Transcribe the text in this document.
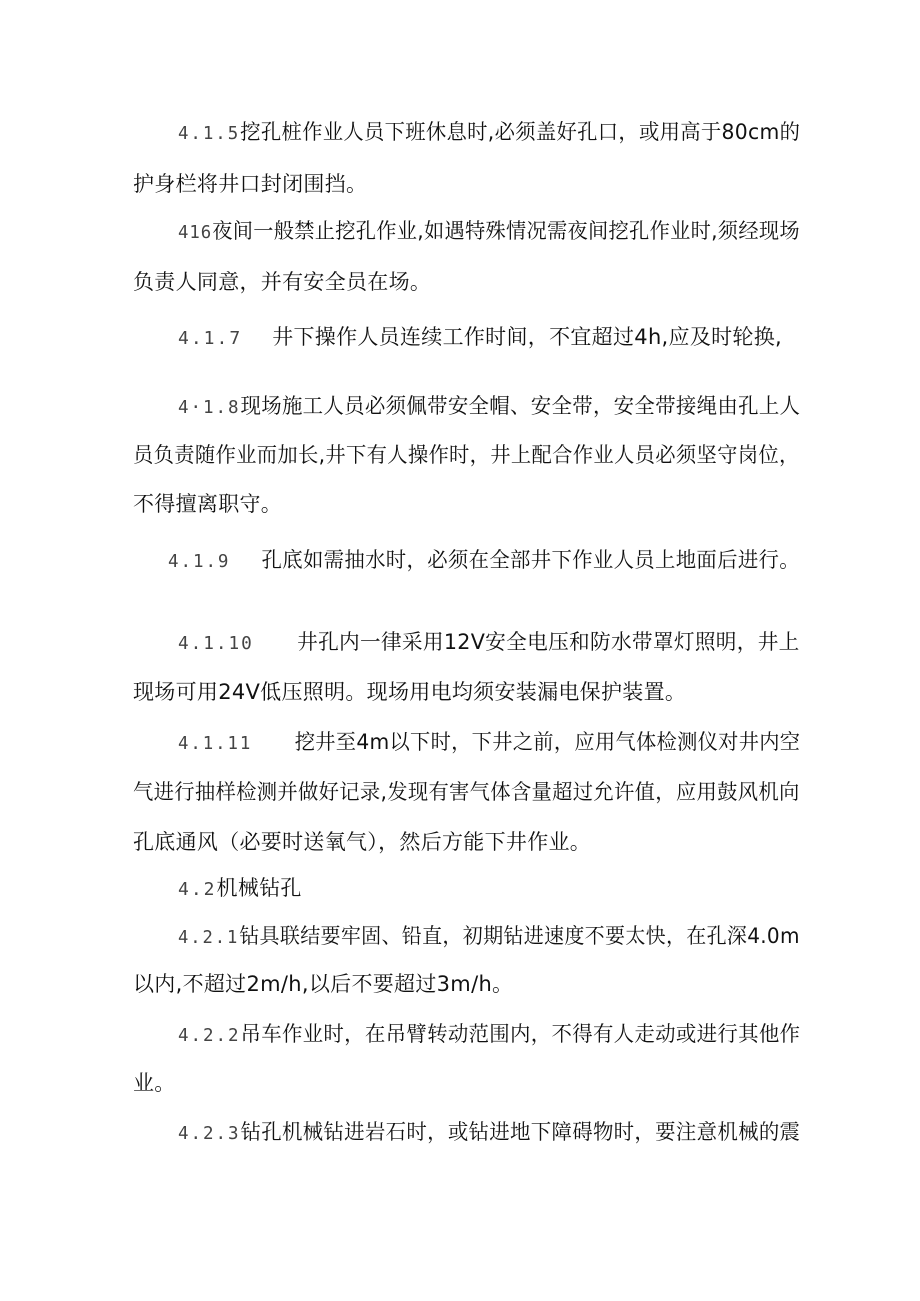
4.1.5挖孔桩作业人员下班休息时,必须盖好孔口，或用高于80cm的
护身栏将井口封闭围挡。
416夜间一般禁止挖孔作业,如遇特殊情况需夜间挖孔作业时,须经现场
负责人同意，并有安全员在场。
4.1.7 井下操作人员连续工作时间，不宜超过4h,应及时轮换,
4·1.8现场施工人员必须佩带安全帽、安全带，安全带接绳由孔上人
员负责随作业而加长,井下有人操作时，井上配合作业人员必须坚守岗位，
不得擅离职守。
4.1.9 孔底如需抽水时，必须在全部井下作业人员上地面后进行。
4.1.10 井孔内一律采用12V安全电压和防水带罩灯照明，井上
现场可用24V低压照明。现场用电均须安装漏电保护装置。
4.1.11 挖井至4m以下时，下井之前，应用气体检测仪对井内空
气进行抽样检测并做好记录,发现有害气体含量超过允许值，应用鼓风机向
孔底通风（必要时送氧气），然后方能下井作业。
4.2机械钻孔
4.2.1钻具联结要牢固、铅直，初期钻进速度不要太快，在孔深4.0m
以内,不超过2m/h,以后不要超过3m/h。
4.2.2吊车作业时，在吊臂转动范围内，不得有人走动或进行其他作
业。
4.2.3钻孔机械钻进岩石时，或钻进地下障碍物时，要注意机械的震
